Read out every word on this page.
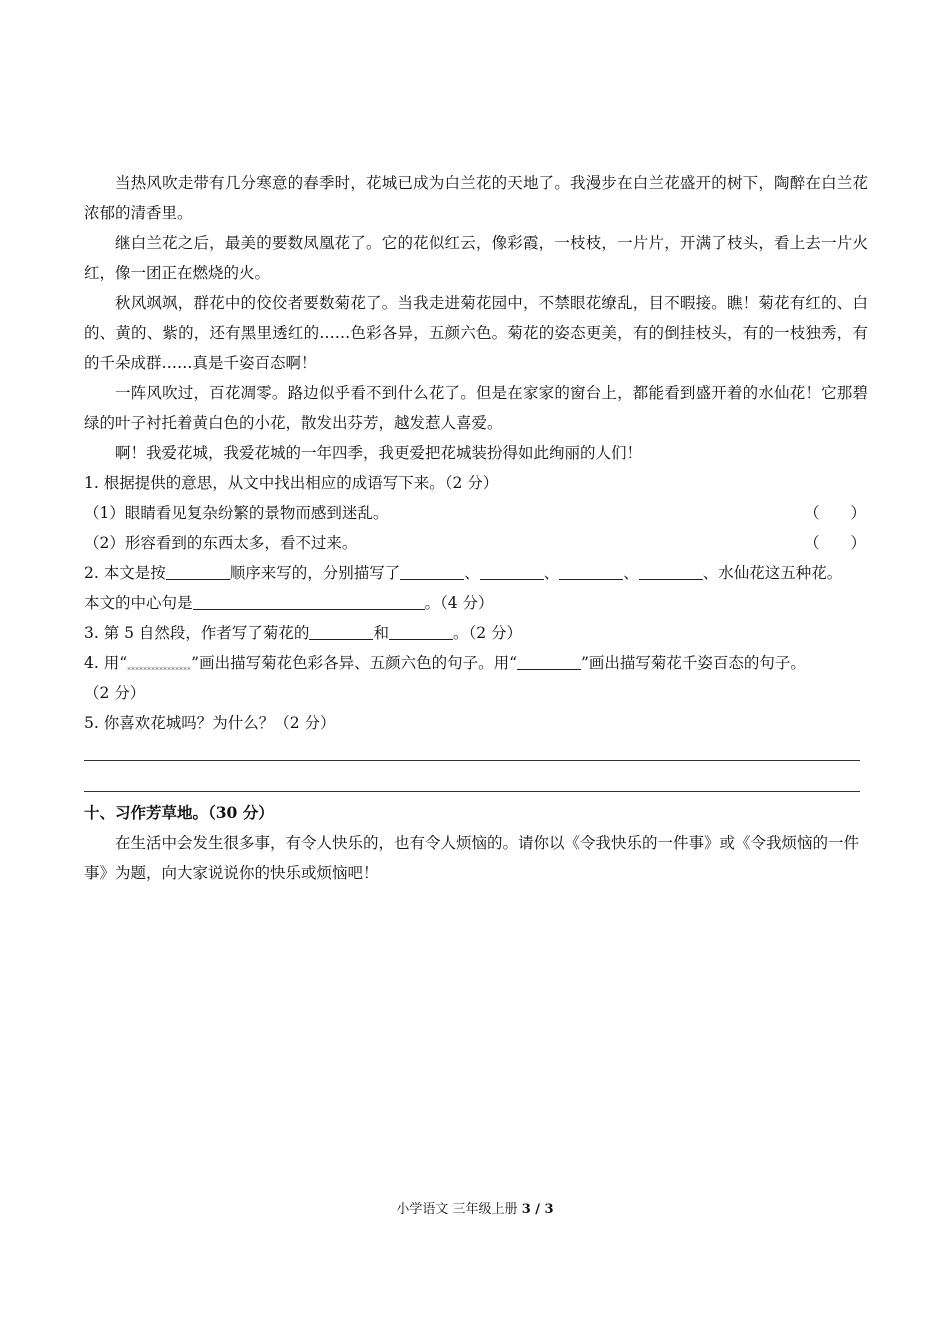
当热风吹走带有几分寒意的春季时，花城已成为白兰花的天地了。我漫步在白兰花盛开的树下，陶醉在白兰花浓郁的清香里。

继白兰花之后，最美的要数凤凰花了。它的花似红云，像彩霞，一枝枝，一片片，开满了枝头，看上去一片火红，像一团正在燃烧的火。

秋风飒飒，群花中的佼佼者要数菊花了。当我走进菊花园中，不禁眼花缭乱，目不暇接。瞧！菊花有红的、白的、黄的、紫的，还有黑里透红的……色彩各异，五颜六色。菊花的姿态更美，有的倒挂枝头，有的一枝独秀，有的千朵成群……真是千姿百态啊！

一阵风吹过，百花凋零。路边似乎看不到什么花了。但是在家家的窗台上，都能看到盛开着的水仙花！它那碧绿的叶子衬托着黄白色的小花，散发出芬芳，越发惹人喜爱。

啊！我爱花城，我爱花城的一年四季，我更爱把花城装扮得如此绚丽的人们！

1. 根据提供的意思，从文中找出相应的成语写下来。（2 分）

（1）眼睛看见复杂纷繁的景物而感到迷乱。	（　　）
（2）形容看到的东西太多，看不过来。	（　　）

2. 本文是按	顺序来写的，分别描写了	、	、	、	、水仙花这五种花。

本文的中心句是	。（4 分）

3. 第 5 自然段，作者写了菊花的	和	。（2 分）

4. 用“	”画出描写菊花色彩各异、五颜六色的句子。用“	”画出描写菊花千姿百态的句子。

（2 分）

5. 你喜欢花城吗？为什么？（2 分）

十、习作芳草地。（30 分）

在生活中会发生很多事，有令人快乐的，也有令人烦恼的。请你以《令我快乐的一件事》或《令我烦恼的一件事》为题，向大家说说你的快乐或烦恼吧！

小学语文 三年级上册 3 / 3
